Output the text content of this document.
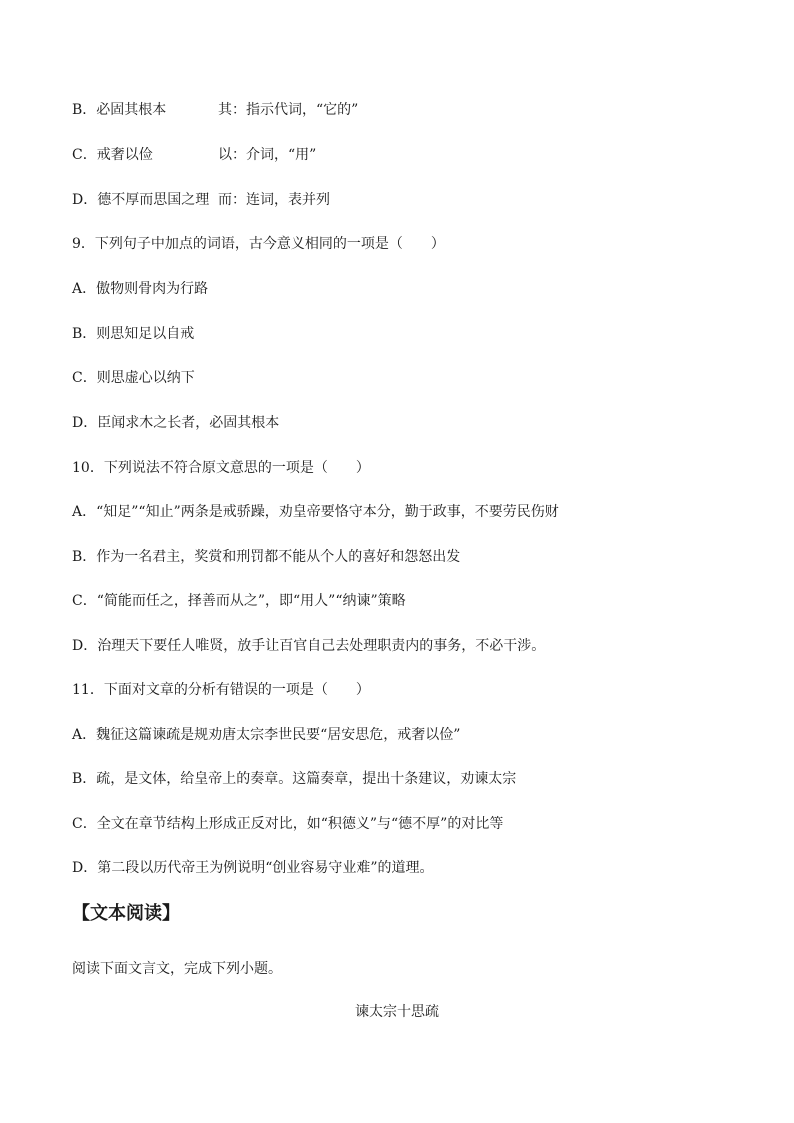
B．必固其根本	其：指示代词，“它的”
C．戒奢以俭	以：介词，“用”
D．德不厚而思国之理 而：连词，表并列
9．下列句子中加点的词语，古今意义相同的一项是（　　）
A．傲物则骨肉为行路
B．则思知足以自戒
C．则思虚心以纳下
D．臣闻求木之长者，必固其根本
10．下列说法不符合原文意思的一项是（　　）
A．“知足”“知止”两条是戒骄躁，劝皇帝要恪守本分，勤于政事，不要劳民伤财
B．作为一名君主，奖赏和刑罚都不能从个人的喜好和怨怒出发
C．“简能而任之，择善而从之”，即“用人”“纳谏”策略
D．治理天下要任人唯贤，放手让百官自己去处理职责内的事务，不必干涉。
11．下面对文章的分析有错误的一项是（　　）
A．魏征这篇谏疏是规劝唐太宗李世民要“居安思危，戒奢以俭”
B．疏，是文体，给皇帝上的奏章。这篇奏章，提出十条建议，劝谏太宗
C．全文在章节结构上形成正反对比，如“积德义”与“德不厚”的对比等
D．第二段以历代帝王为例说明“创业容易守业难”的道理。
【文本阅读】
阅读下面文言文，完成下列小题。
谏太宗十思疏
